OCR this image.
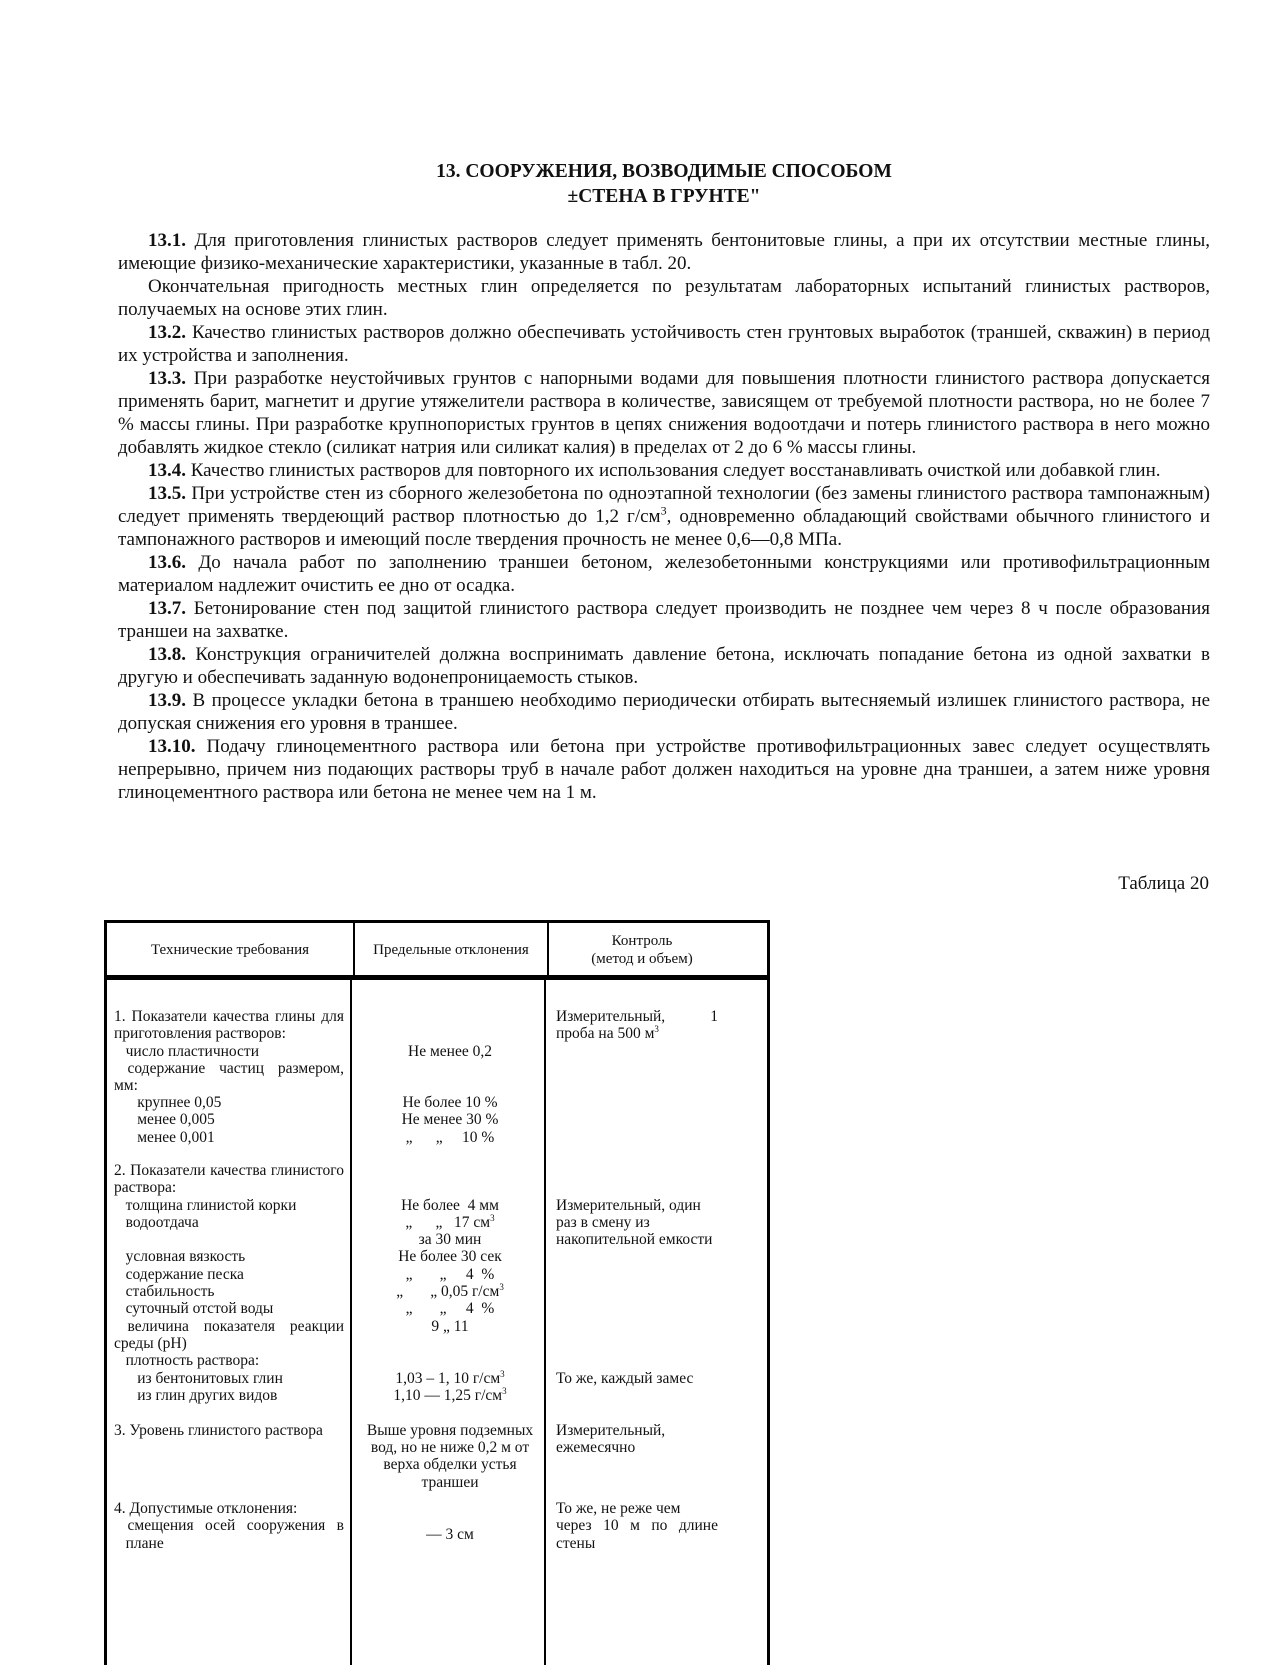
13. СООРУЖЕНИЯ, ВОЗВОДИМЫЕ СПОСОБОМ
±СТЕНА В ГРУНТЕ"

13.1. Для приготовления глинистых растворов следует применять бентонитовые глины, а при их отсутствии местные глины, имеющие физико-механические характеристики, указанные в табл. 20.

Окончательная пригодность местных глин определяется по результатам лабораторных испытаний глинистых растворов, получаемых на основе этих глин.

13.2. Качество глинистых растворов должно обеспечивать устойчивость стен грунтовых выработок (траншей, скважин) в период их устройства и заполнения.

13.3. При разработке неустойчивых грунтов с напорными водами для повышения плотности глинистого раствора допускается применять барит, магнетит и другие утяжелители раствора в количестве, зависящем от требуемой плотности раствора, но не более 7 % массы глины. При разработке крупнопористых грунтов в цепях снижения водоотдачи и потерь глинистого раствора в него можно добавлять жидкое стекло (силикат натрия или силикат калия) в пределах от 2 до 6 % массы глины.

13.4. Качество глинистых растворов для повторного их использования следует восстанавливать очисткой или добавкой глин.

13.5. При устройстве стен из сборного железобетона по одноэтапной технологии (без замены глинистого раствора тампонажным) следует применять твердеющий раствор плотностью до 1,2 $г/см^3$, одновременно обладающий свойствами обычного глинистого и тампонажного растворов и имеющий после твердения прочность не менее 0,6—0,8 МПа.

13.6. До начала работ по заполнению траншеи бетоном, железобетонными конструкциями или противофильтрационным материалом надлежит очистить ее дно от осадка.

13.7. Бетонирование стен под защитой глинистого раствора следует производить не позднее чем через 8 ч после образования траншеи на захватке.

13.8. Конструкция ограничителей должна воспринимать давление бетона, исключать попадание бетона из одной захватки в другую и обеспечивать заданную водонепроницаемость стыков.

13.9. В процессе укладки бетона в траншею необходимо периодически отбирать вытесняемый излишек глинистого раствора, не допуская снижения его уровня в траншее.

13.10. Подачу глиноцементного раствора или бетона при устройстве противофильтрационных завес следует осуществлять непрерывно, причем низ подающих растворы труб в начале работ должен находиться на уровне дна траншеи, а затем ниже уровня глиноцементного раствора или бетона не менее чем на 1 м.

Таблица 20
Технические требования	Предельные отклонения
Контроль
(метод и объем)
1. Показатели качества глины для
приготовления растворов:
число пластичности
содержание частиц размером,
мм:
крупнее 0,05
менее 0,005
менее 0,001
2. Показатели качества глинистого
раствора:
толщина глинистой корки
водоотдача
условная вязкость
содержание песка
стабильность
суточный отстой воды
величина показателя реакции
среды (pH)
плотность раствора:
из бентонитовых глин
из глин других видов
3. Уровень глинистого раствора
4. Допустимые отклонения:
смещения осей сооружения в
плане
Не менее 0,2
Не более 10 %
Не менее 30 %
„      „     10 %
Не более  4 мм
„      „   17 $см^3$
за 30 мин
Не более 30 сек
„       „     4  %
„       „ 0,05 $г/см^3$
„       „     4  %
9 „ 11
1,03 – 1, 10 $г/см^3$
1,10 — 1,25 $г/см^3$
Выше уровня подземных
вод, но не ниже 0,2 м от
верха обделки устья
траншеи
— 3 см
Измерительный,	1
проба на 500 $м^3$
Измерительный, один
раз в смену из
накопительной емкости
То же, каждый замес
Измерительный,
ежемесячно
То же, не реже чем
через 10 м по длине
стены
